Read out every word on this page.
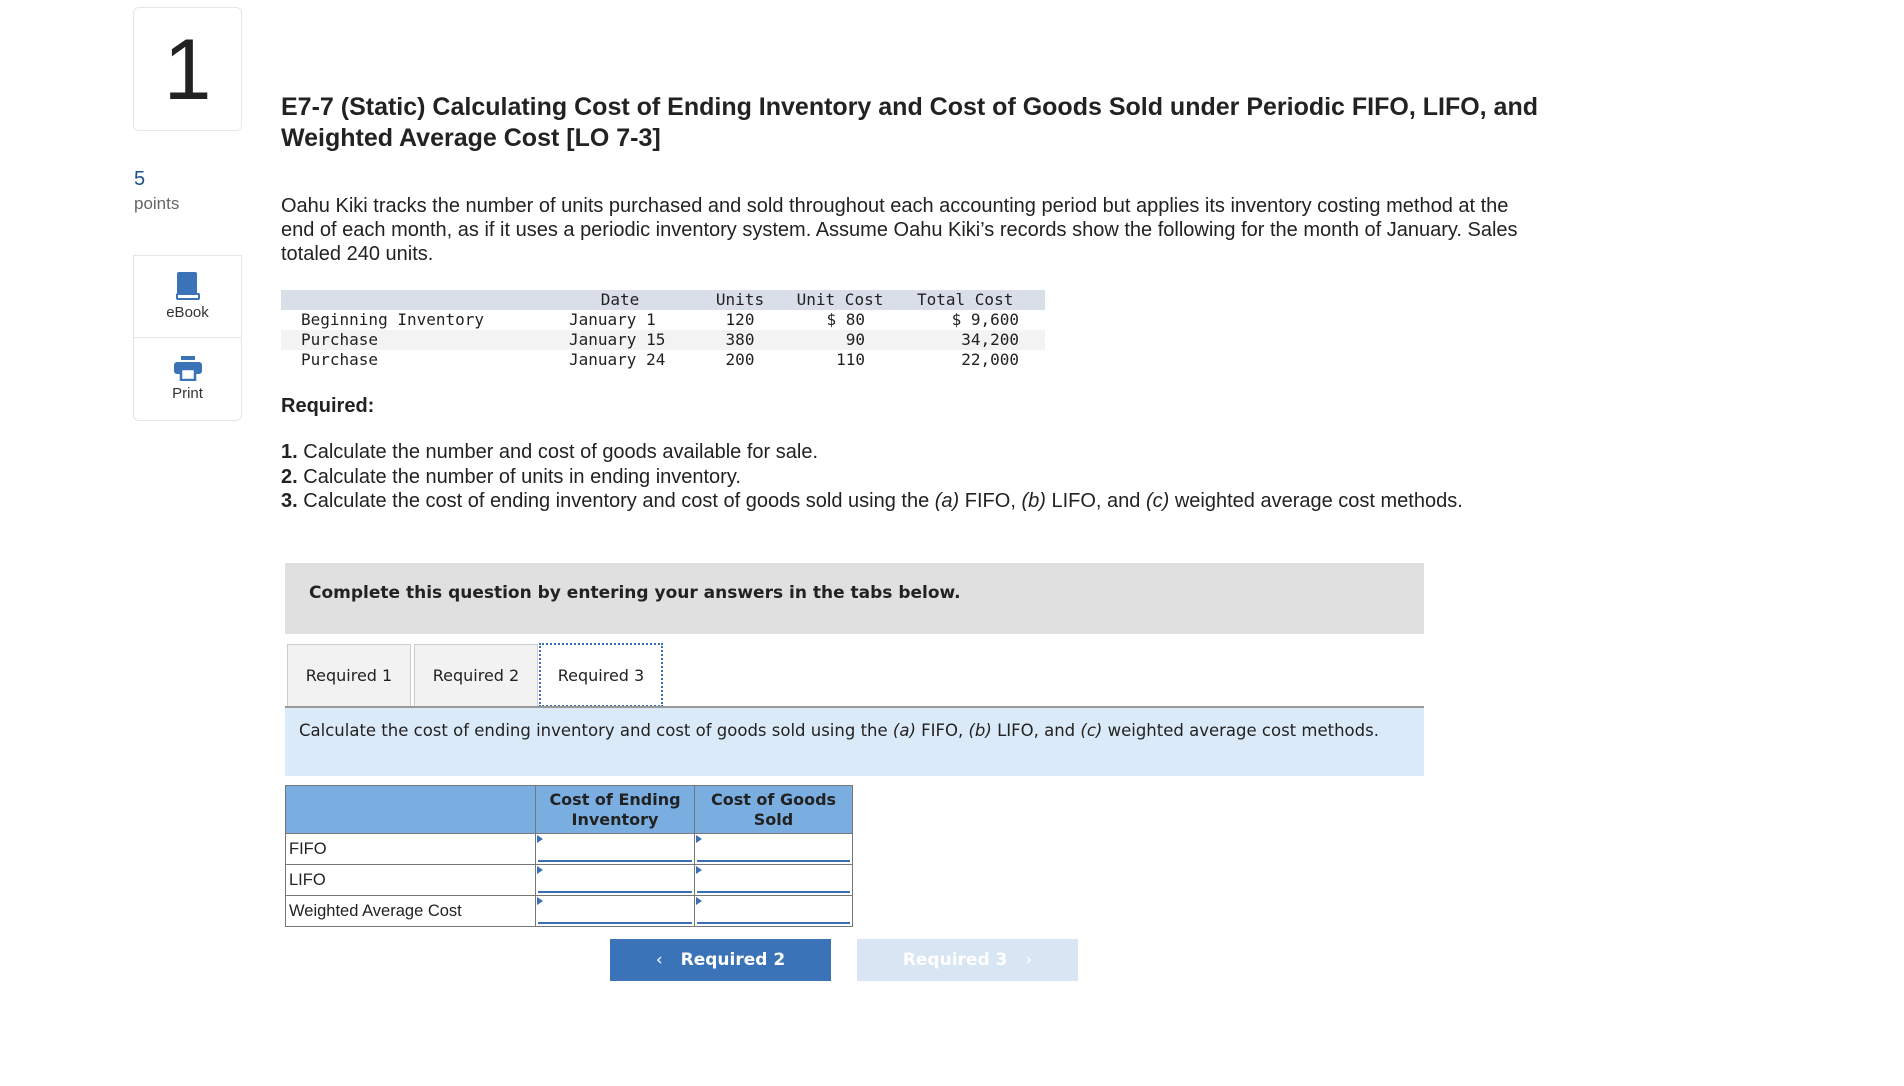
1
5
points
eBook
Print
E7-7 (Static) Calculating Cost of Ending Inventory and Cost of Goods Sold under Periodic FIFO, LIFO, and Weighted Average Cost [LO 7-3]
Oahu Kiki tracks the number of units purchased and sold throughout each accounting period but applies its inventory costing method at the end of each month, as if it uses a periodic inventory system. Assume Oahu Kiki’s records show the following for the month of January. Sales totaled 240 units.
	Date	Units	Unit Cost	Total Cost
Beginning Inventory	January 1	120	$ 80	$ 9,600
Purchase	January 15	380	90	34,200
Purchase	January 24	200	110	22,000
Required:
1. Calculate the number and cost of goods available for sale.
2. Calculate the number of units in ending inventory.
3. Calculate the cost of ending inventory and cost of goods sold using the (a) FIFO, (b) LIFO, and (c) weighted average cost methods.
Complete this question by entering your answers in the tabs below.
Required 1	Required 2	Required 3
Calculate the cost of ending inventory and cost of goods sold using the (a) FIFO, (b) LIFO, and (c) weighted average cost methods.
	Cost of Ending Inventory	Cost of Goods Sold
FIFO		
LIFO		
Weighted Average Cost		
‹ Required 2	Required 3 ›
